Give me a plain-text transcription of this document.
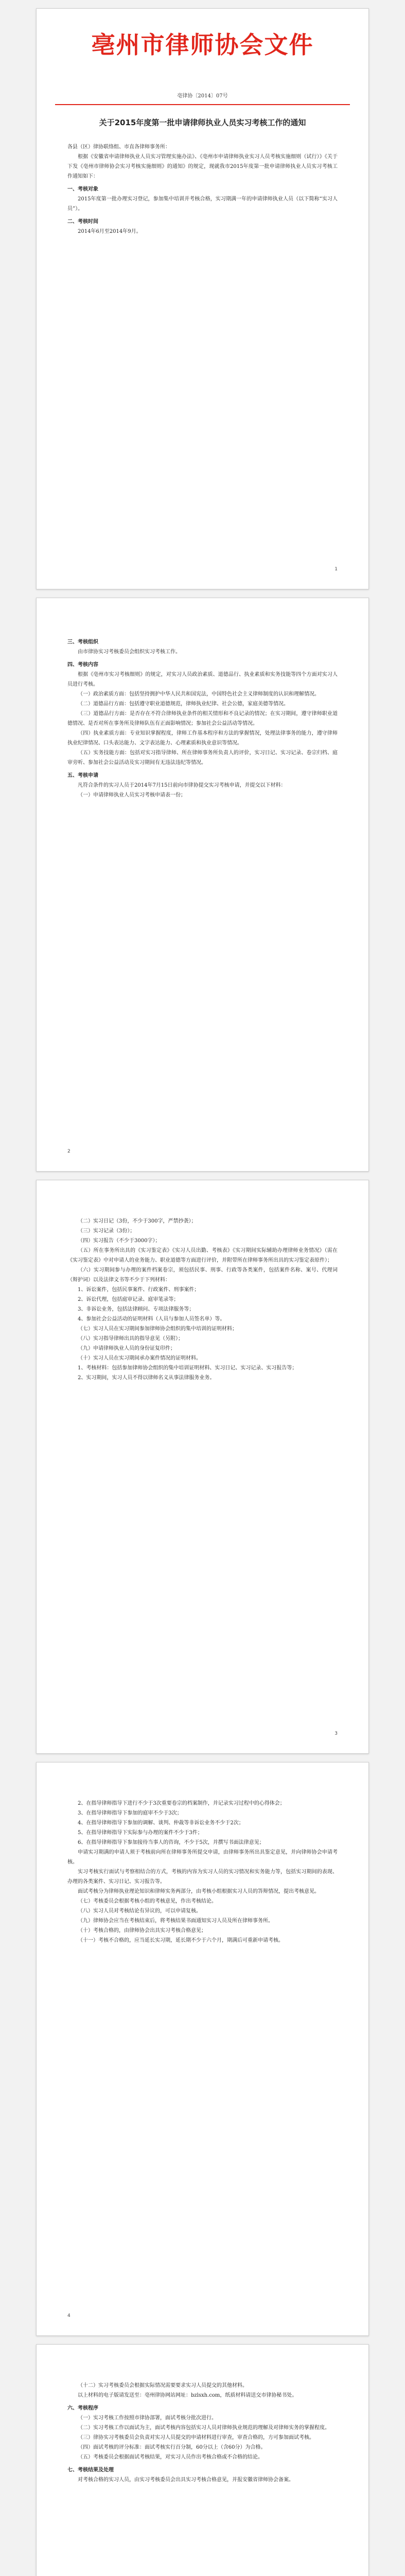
亳州市律师协会文件
亳律协〔2014〕07号
关于2015年度第一批申请律师执业人员实习考核工作的通知

各县（区）律协联络组、市直各律师事务所：

根据《安徽省申请律师执业人员实习管理实施办法》、《亳州市申请律师执业实习人员考核实施细则（试行）》《关于下发《亳州市律师协会实习考核实施细则》的通知》的规定，现就我市2015年度第一批申请律师执业人员实习考核工作通知如下：

一、考核对象

2015年度第一批办理实习登记，参加集中培训并考核合格，实习期满一年的申请律师执业人员（以下简称“实习人员”）。

二、考核时间

2014年6月至2014年9月。

1

三、考核组织

由市律协实习考核委员会组织实习考核工作。

四、考核内容

根据《亳州市实习考核细则》的规定，对实习人员政治素质、道德品行、执业素质和实务技能等四个方面对实习人员进行考核。

（一）政治素质方面：包括坚持拥护中华人民共和国宪法，中国特色社会主义律师制度的认识和理解情况。

（二）道德品行方面：包括遵守职业道德规范，律师执业纪律、社会公德，家庭美德等情况。

（三）道德品行方面：是否存在不符合律师执业条件的相关情形和不良记录的情况；在实习期间，遵守律师职业道德情况、是否对所在事务所及律师队伍有正面影响情况；参加社会公益活动等情况。

（四）执业素质方面：专业知识掌握程度，律师工作基本程序和方法的掌握情况，处理法律事务的能力，遵守律师执业纪律情况、口头表达能力、文字表达能力、心理素质和执业意识等情况。

（五）实务技能方面：包括对实习指导律师、所在律师事务所负责人的评价，实习日记、实习记录、卷宗归档、庭审旁听、参加社会公益活动及实习期间有无违法违纪等情况。

五、考核申请

凡符合条件的实习人员于2014年7月15日前向市律协提交实习考核申请，并提交以下材料：

（一）申请律师执业人员实习考核申请表一份；

2

（二）实习日记（3份，不少于300字，严禁抄袭）；

（三）实习记录（3份）；

（四）实习报告（不少于3000字）；

（五）所在事务所出具的《实习鉴定表》《实习人员出勤、考核表》《实习期间实际辅助办理律师业务情况》（需在《实习鉴定表》中对申请人的业务能力、职业道德等方面进行评价，并附带所在律师事务所出具的实习鉴定表原件）；

（六）实习期间参与办理的案件档案卷宗，须包括民事、刑事、行政等各类案件，包括案件名称、案号、代理词（辩护词）以及法律文书等不少于下列材料：

1、诉讼案件，包括民事案件、行政案件、刑事案件；

2、诉讼代理，包括庭审记录、庭审笔录等；

3、非诉讼业务，包括法律顾问、专项法律服务等；

4、参加社会公益活动的证明材料（人员与参加人员签名单）等。

（七）实习人员在实习期间参加律师协会组织的集中培训的证明材料；

（八）实习指导律师出具的指导意见（另附）；

（九）申请律师执业人员的身份证复印件；

（十）实习人员在实习期间承办案件情况的证明材料。

1、考核材料：包括参加律师协会组织的集中培训证明材料、实习日记、实习记录、实习报告等；

2、实习期间，实习人员不得以律师名义从事法律服务业务。

3

2、在指导律师指导下进行不少于3次重要卷宗的档案制作，并记录实习过程中的心得体会；

3、在指导律师指导下参加的庭审不少于3次；

4、在指导律师指导下参加的调解、谈判、仲裁等非诉讼业务不少于2次；

5、在指导律师指导下实际参与办理的案件不少于3件；

6、在指导律师指导下参加接待当事人的咨询，不少于5次，并撰写书面法律意见；

申请实习期满的申请人须于考核前向所在律师事务所提交申请，由律师事务所出具鉴定意见，并向律师协会申请考核。

实习考核实行面试与考察相结合的方式，考核的内容为实习人员的实习情况和实务能力等，包括实习期间的表现、办理的各类案件、实习日记、实习报告等。

面试考核分为律师执业理论知识和律师实务两部分，由考核小组根据实习人员的答辩情况，提出考核意见。

（七）考核委员会根据考核小组的考核意见，作出考核结论。

（八）实习人员对考核结论有异议的，可以申请复核。

（九）律师协会应当在考核结束后，将考核结果书面通知实习人员及所在律师事务所。

（十）考核合格的，由律师协会出具实习考核合格意见；

（十一）考核不合格的，应当延长实习期，延长期不少于六个月，期满后可重新申请考核。

4

（十二）实习考核委员会根据实际情况需要要求实习人员提交的其他材料。

以上材料的电子版请发送至：亳州律协网站网址：bzlsxh.com，纸质材料请送交市律协秘书处。

六、考核程序

（一）实习考核工作按照市律协部署，面试考核分批次进行。

（二）实习考核工作以面试为主，面试考核内容包括实习人员对律师执业规范的理解及对律师实务的掌握程度。

（三）律协实习考核委员会负责对实习人员提交的申请材料进行审查，审查合格的，方可参加面试考核。

（四）面试考核的评分标准：面试考核实行百分制，60分以上（含60分）为合格。

（五）考核委员会根据面试考核结果，对实习人员作出考核合格或不合格的结论。

七、考核结果及处理

对考核合格的实习人员，由实习考核委员会出具实习考核合格意见，并报安徽省律师协会备案。
